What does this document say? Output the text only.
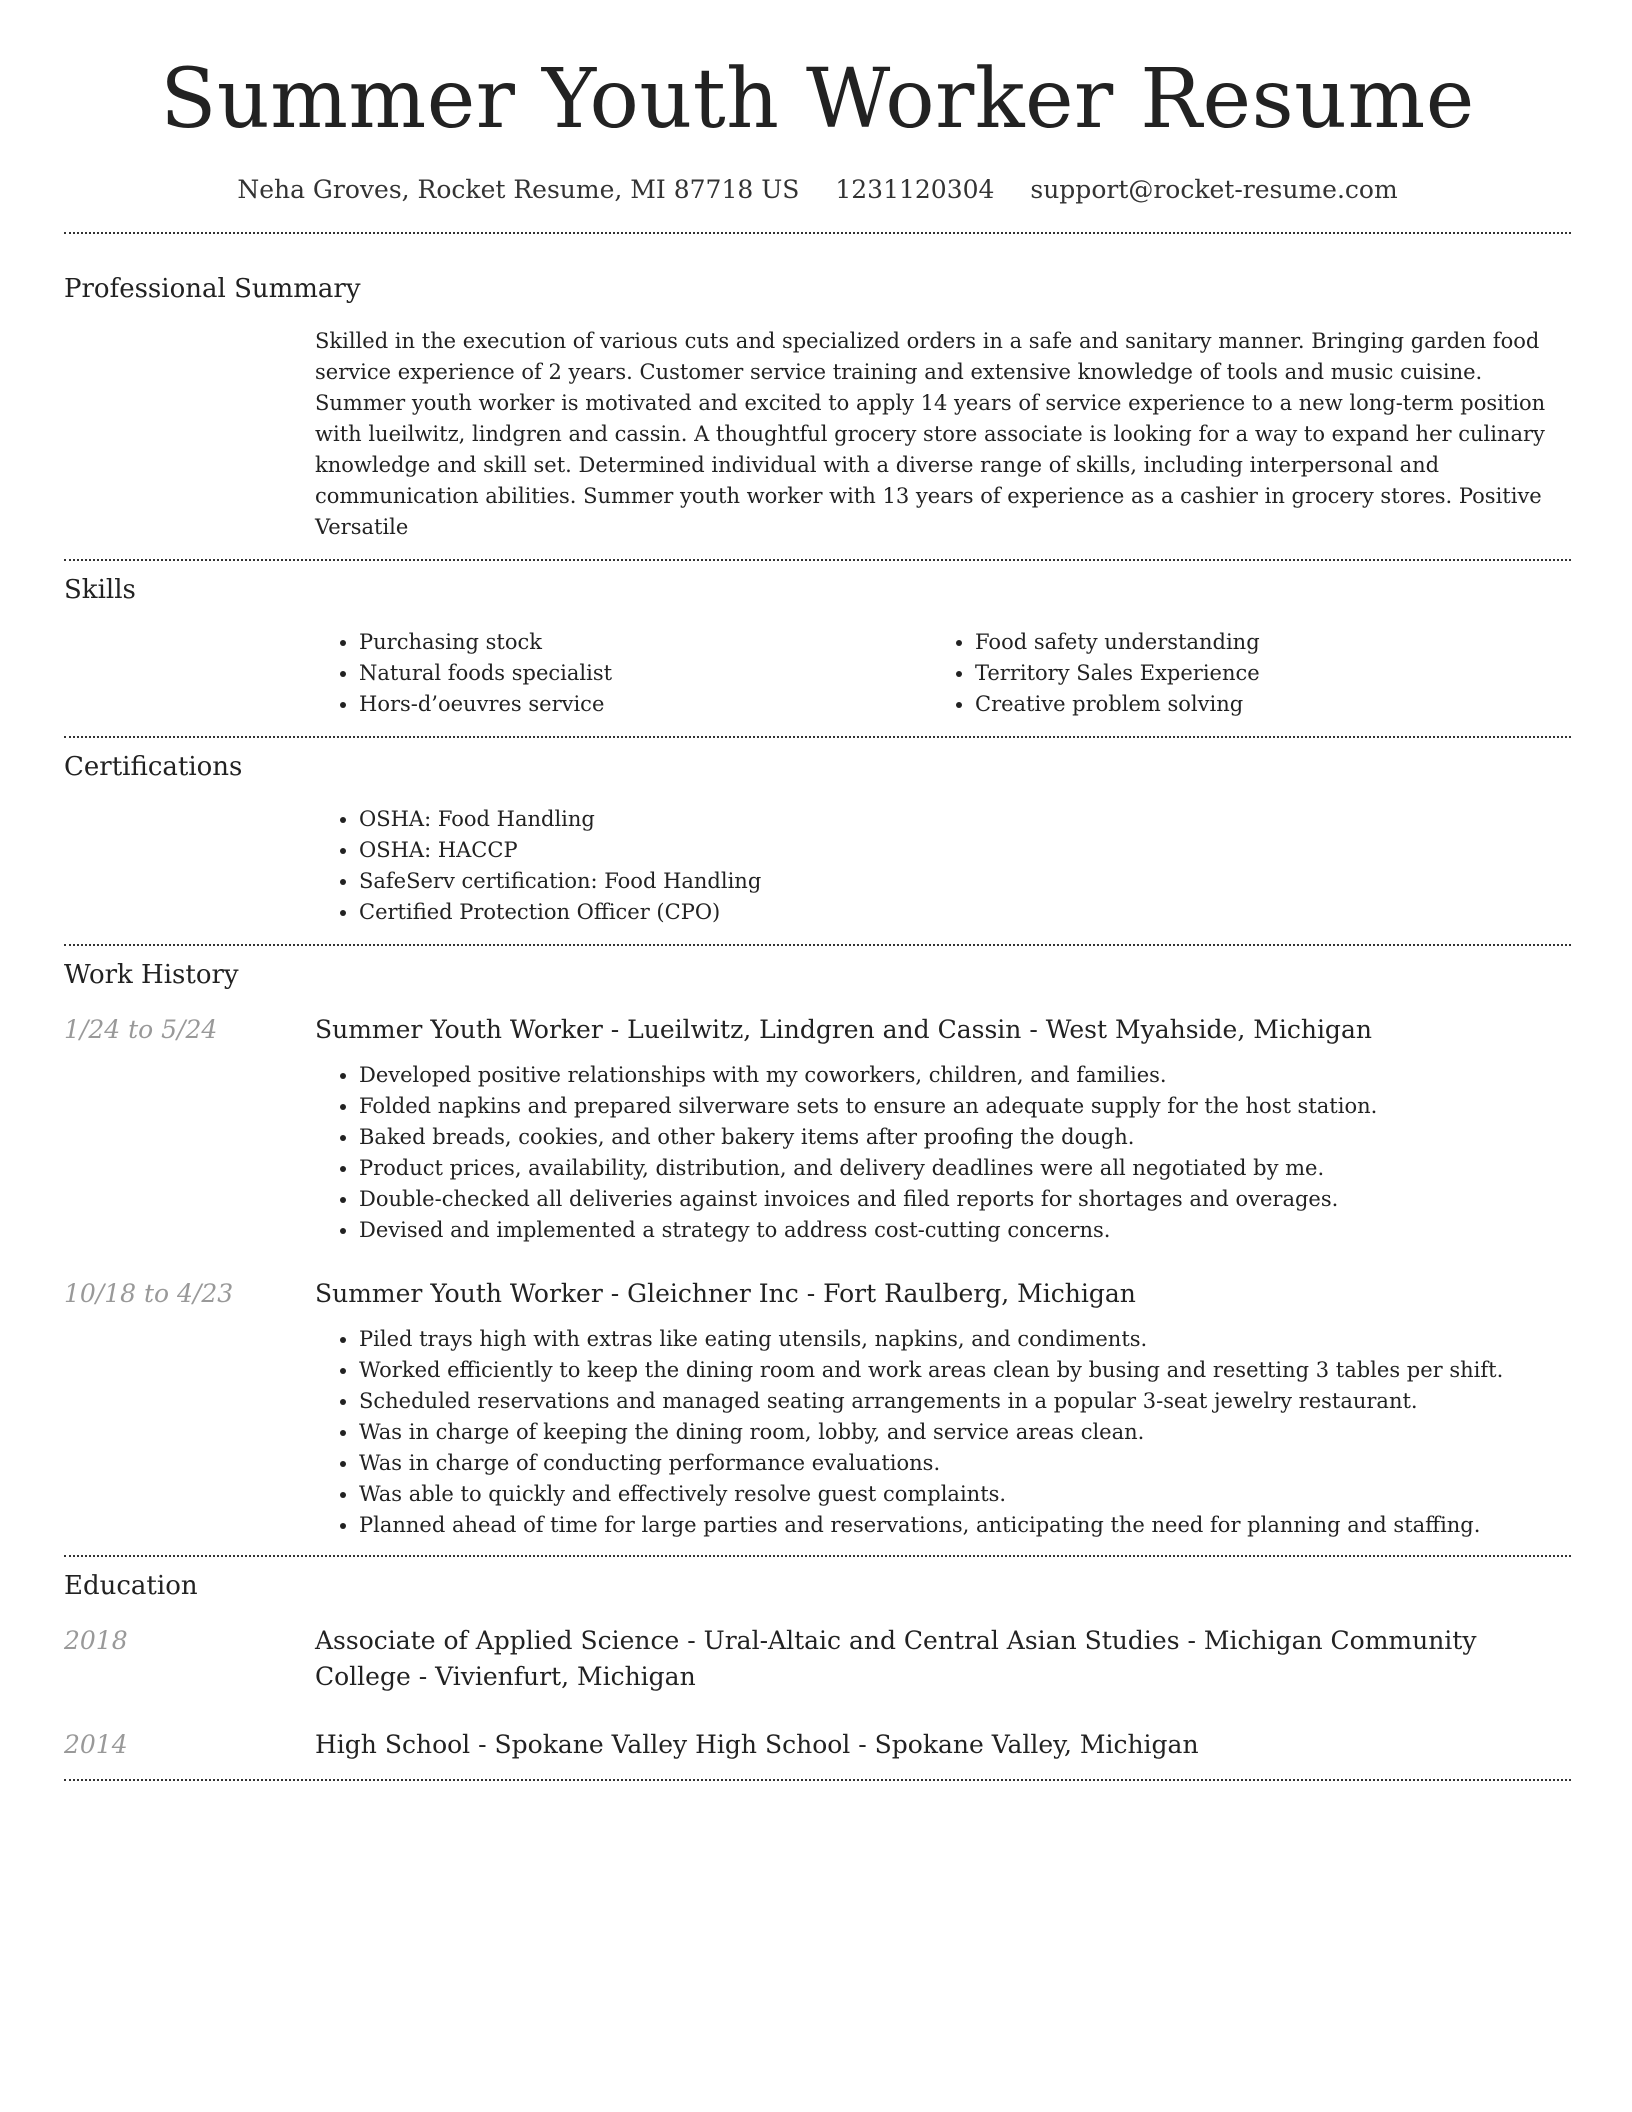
Summer Youth Worker Resume
Neha Groves, Rocket Resume, MI 87718 US 1231120304 support@rocket-resume.com
Professional Summary

Skilled in the execution of various cuts and specialized orders in a safe and sanitary manner. Bringing garden food service experience of 2 years. Customer service training and extensive knowledge of tools and music cuisine. Summer youth worker is motivated and excited to apply 14 years of service experience to a new long-term position with lueilwitz, lindgren and cassin. A thoughtful grocery store associate is looking for a way to expand her culinary knowledge and skill set. Determined individual with a diverse range of skills, including interpersonal and communication abilities. Summer youth worker with 13 years of experience as a cashier in grocery stores. Positive Versatile

Skills
• Purchasing stock
• Natural foods specialist
• Hors-d’oeuvres service
• Food safety understanding
• Territory Sales Experience
• Creative problem solving
Certifications
• OSHA: Food Handling
• OSHA: HACCP
• SafeServ certification: Food Handling
• Certified Protection Officer (CPO)
Work History
1/24 to 5/24	Summer Youth Worker - Lueilwitz, Lindgren and Cassin - West Myahside, Michigan
• Developed positive relationships with my coworkers, children, and families.
• Folded napkins and prepared silverware sets to ensure an adequate supply for the host station.
• Baked breads, cookies, and other bakery items after proofing the dough.
• Product prices, availability, distribution, and delivery deadlines were all negotiated by me.
• Double-checked all deliveries against invoices and filed reports for shortages and overages.
• Devised and implemented a strategy to address cost-cutting concerns.
10/18 to 4/23	Summer Youth Worker - Gleichner Inc - Fort Raulberg, Michigan
• Piled trays high with extras like eating utensils, napkins, and condiments.
• Worked efficiently to keep the dining room and work areas clean by busing and resetting 3 tables per shift.
• Scheduled reservations and managed seating arrangements in a popular 3-seat jewelry restaurant.
• Was in charge of keeping the dining room, lobby, and service areas clean.
• Was in charge of conducting performance evaluations.
• Was able to quickly and effectively resolve guest complaints.
• Planned ahead of time for large parties and reservations, anticipating the need for planning and staffing.
Education
2018	Associate of Applied Science - Ural-Altaic and Central Asian Studies - Michigan Community College - Vivienfurt, Michigan
2014	High School - Spokane Valley High School - Spokane Valley, Michigan
